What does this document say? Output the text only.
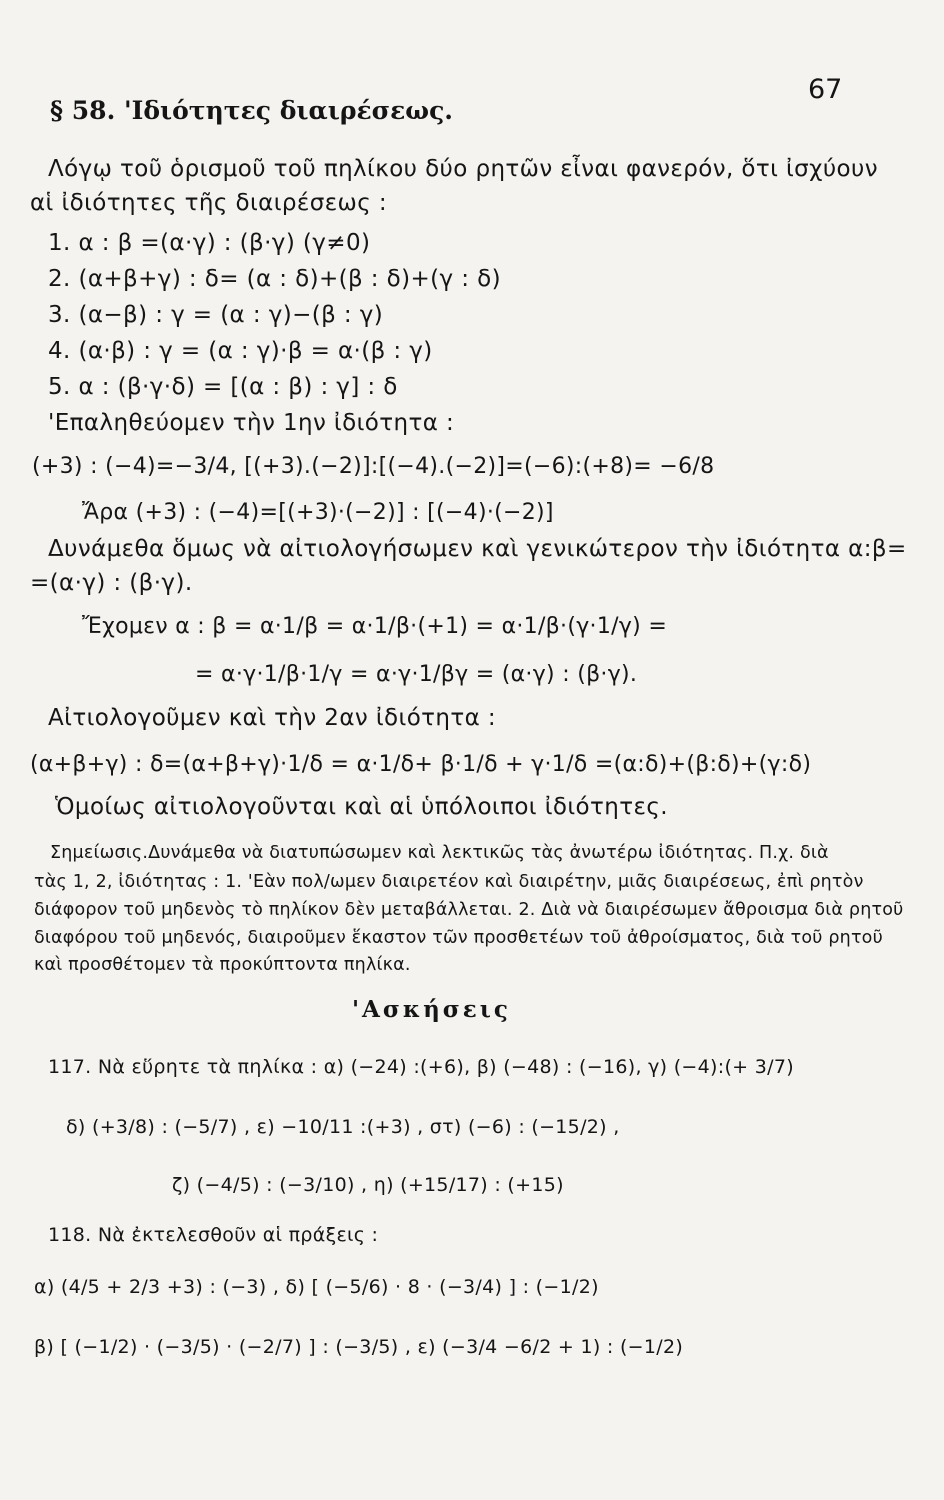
67
§ 58. 'Ιδιότητες διαιρέσεως.
Λόγῳ τοῦ ὁρισμοῦ τοῦ πηλίκου δύο ρητῶν εἶναι φανερόν, ὅτι ἰσχύουν
αἱ ἰδιότητες τῆς διαιρέσεως :
1. α : β =(α·γ) : (β·γ) (γ≠0)
2. (α+β+γ) : δ= (α : δ)+(β : δ)+(γ : δ)
3. (α−β) : γ = (α : γ)−(β : γ)
4. (α·β) : γ = (α : γ)·β = α·(β : γ)
5. α : (β·γ·δ) = [(α : β) : γ] : δ
'Επαληθεύομεν τὴν 1ην ἰδιότητα :
(+3) : (−4)=−3/4, [(+3).(−2)]:[(−4).(−2)]=(−6):(+8)= −6/8
Ἄρα (+3) : (−4)=[(+3)·(−2)] : [(−4)·(−2)]
Δυνάμεθα ὅμως νὰ αἰτιολογήσωμεν καὶ γενικώτερον τὴν ἰδιότητα α:β=
=(α·γ) : (β·γ).
Ἔχομεν α : β = α·1/β = α·1/β·(+1) = α·1/β·(γ·1/γ) =
= α·γ·1/β·1/γ = α·γ·1/βγ = (α·γ) : (β·γ).
Αἰτιολογοῦμεν καὶ τὴν 2αν ἰδιότητα :
(α+β+γ) : δ=(α+β+γ)·1/δ = α·1/δ+ β·1/δ + γ·1/δ =(α:δ)+(β:δ)+(γ:δ)
Ὁμοίως αἰτιολογοῦνται καὶ αἱ ὑπόλοιποι ἰδιότητες.
Σημείωσις.Δυνάμεθα νὰ διατυπώσωμεν καὶ λεκτικῶς τὰς ἀνωτέρω ἰδιότητας. Π.χ. διὰ
τὰς 1, 2, ἰδιότητας : 1. 'Εὰν πολ/ωμεν διαιρετέον καὶ διαιρέτην, μιᾶς διαιρέσεως, ἐπὶ ρητὸν
διάφορον τοῦ μηδενὸς τὸ πηλίκον δὲν μεταβάλλεται. 2. Διὰ νὰ διαιρέσωμεν ἄθροισμα διὰ ρητοῦ
διαφόρου τοῦ μηδενός, διαιροῦμεν ἕκαστον τῶν προσθετέων τοῦ ἀθροίσματος, διὰ τοῦ ρητοῦ
καὶ προσθέτομεν τὰ προκύπτοντα πηλίκα.
'Ασκήσεις
117. Νὰ εὕρητε τὰ πηλίκα : α) (−24) :(+6), β) (−48) : (−16), γ) (−4):(+ 3/7)
δ) (+3/8) : (−5/7) , ε) −10/11 :(+3) , στ) (−6) : (−15/2) ,
ζ) (−4/5) : (−3/10) , η) (+15/17) : (+15)
118. Νὰ ἐκτελεσθοῦν αἱ πράξεις :
α) (4/5 + 2/3 +3) : (−3) , δ) [ (−5/6) · 8 · (−3/4) ] : (−1/2)
β) [ (−1/2) · (−3/5) · (−2/7) ] : (−3/5) , ε) (−3/4 −6/2 + 1) : (−1/2)
